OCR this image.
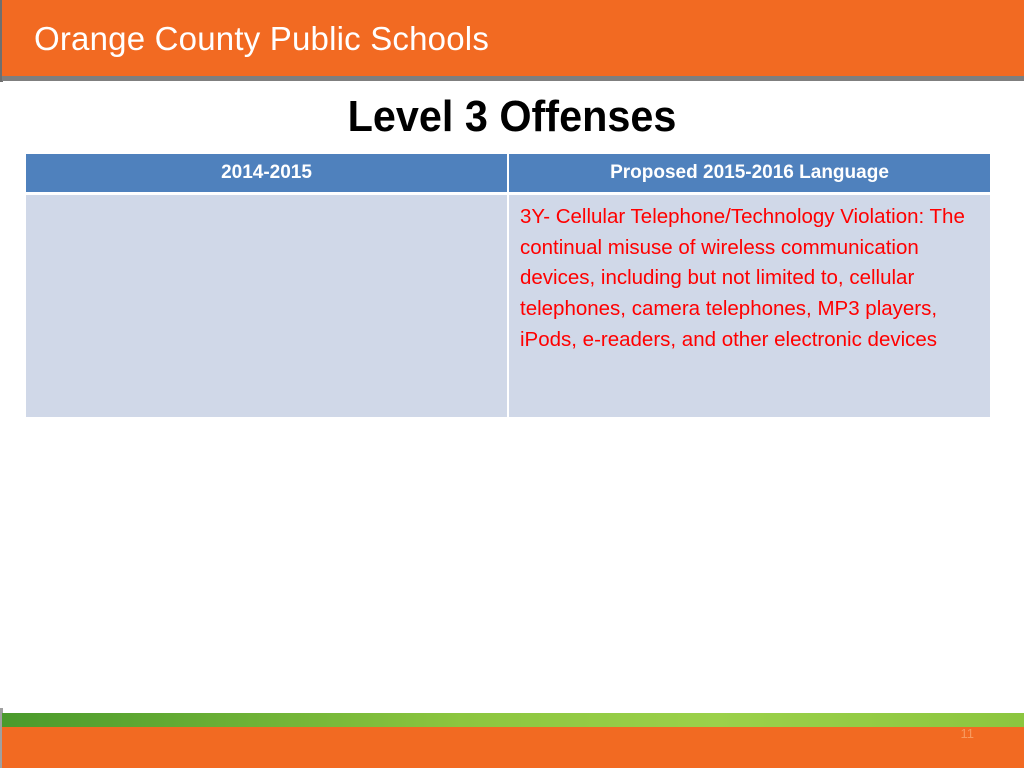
Orange County Public Schools
Level 3 Offenses
2014-2015	Proposed 2015-2016 Language

	3Y- Cellular Telephone/Technology Violation: The continual misuse of wireless communication devices, including but not limited to, cellular telephones, camera telephones, MP3 players, iPods, e-readers, and other electronic devices
11
